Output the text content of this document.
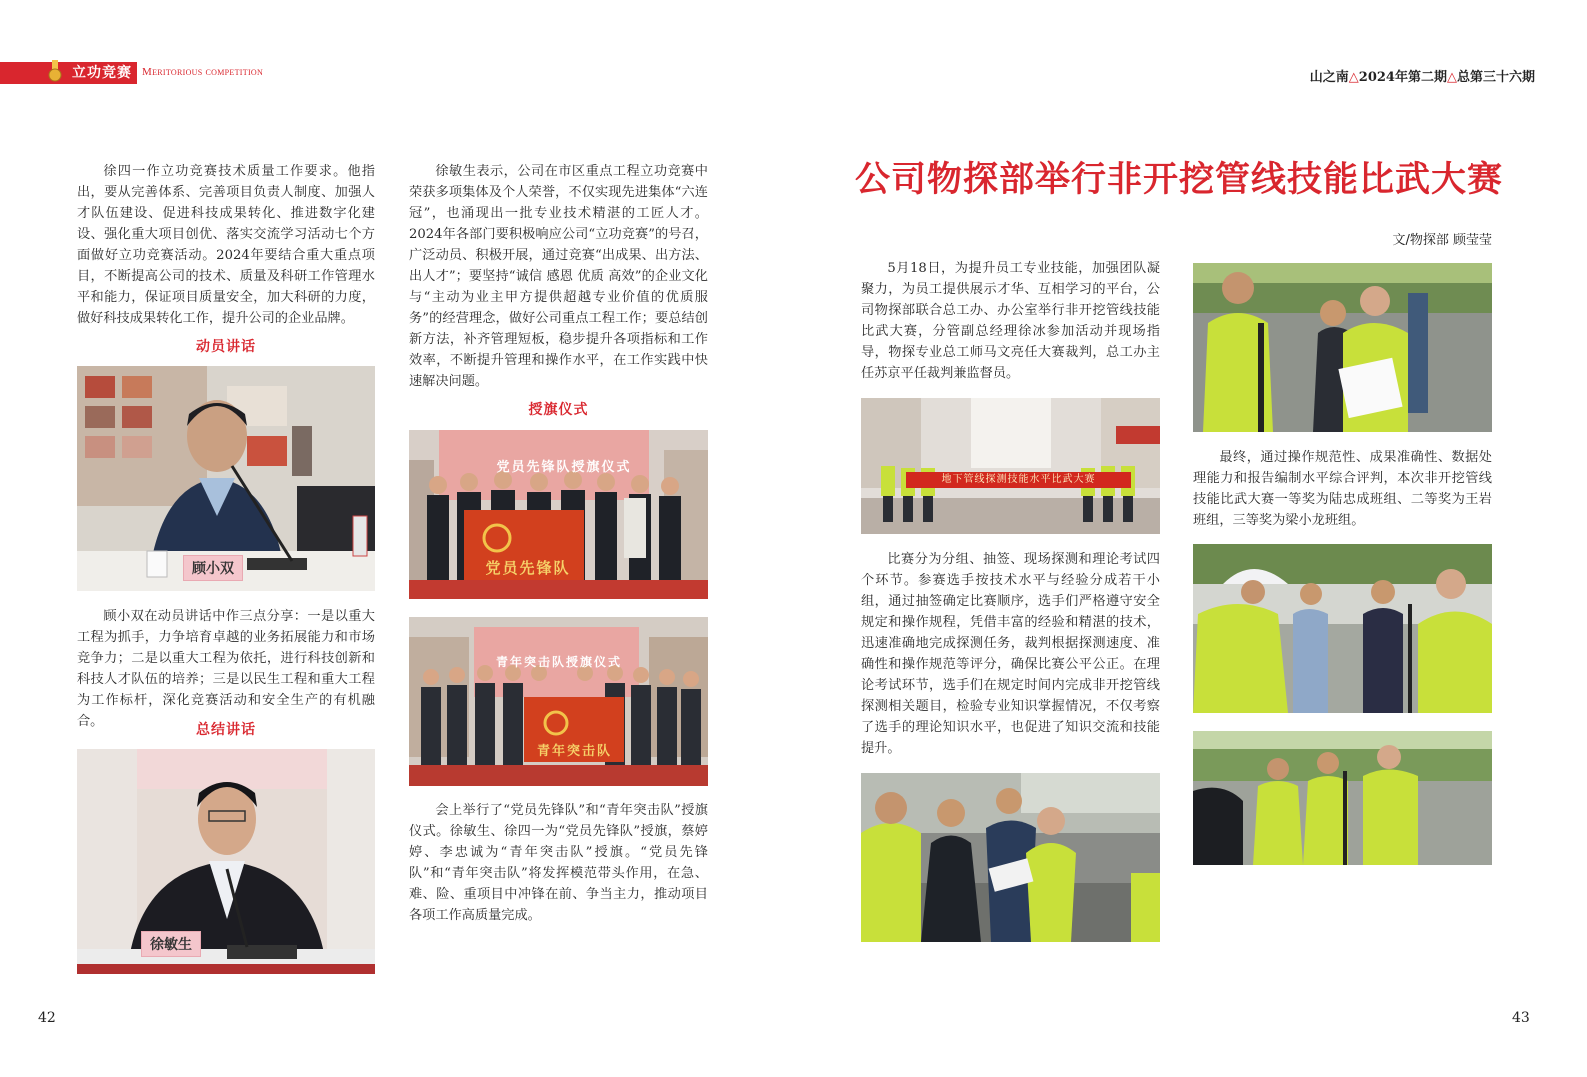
立功竞赛 Meritorious competition	山之南△2024年第二期△总第三十六期

徐四一作立功竞赛技术质量工作要求。他指出，要从完善体系、完善项目负责人制度、加强人才队伍建设、促进科技成果转化、推进数字化建设、强化重大项目创优、落实交流学习活动七个方面做好立功竞赛活动。2024年要结合重大重点项目，不断提高公司的技术、质量及科研工作管理水平和能力，保证项目质量安全，加大科研的力度，做好科技成果转化工作，提升公司的企业品牌。

动员讲话
顾小双

顾小双在动员讲话中作三点分享：一是以重大工程为抓手，力争培育卓越的业务拓展能力和市场竞争力；二是以重大工程为依托，进行科技创新和科技人才队伍的培养；三是以民生工程和重大工程为工作标杆，深化竞赛活动和安全生产的有机融合。

总结讲话
徐敏生

徐敏生表示，公司在市区重点工程立功竞赛中荣获多项集体及个人荣誉，不仅实现先进集体“六连冠”，也涌现出一批专业技术精湛的工匠人才。2024年各部门要积极响应公司“立功竞赛”的号召，广泛动员、积极开展，通过竞赛“出成果、出方法、出人才”；要坚持“诚信 感恩 优质 高效”的企业文化与“主动为业主甲方提供超越专业价值的优质服务”的经营理念，做好公司重点工程工作；要总结创新方法，补齐管理短板，稳步提升各项指标和工作效率，不断提升管理和操作水平，在工作实践中快速解决问题。

授旗仪式
党员先锋队授旗仪式
党员先锋队
青年突击队授旗仪式
青年突击队

会上举行了“党员先锋队”和“青年突击队”授旗仪式。徐敏生、徐四一为“党员先锋队”授旗，蔡婷婷、李忠诚为“青年突击队”授旗。“党员先锋队”和“青年突击队”将发挥模范带头作用，在急、难、险、重项目中冲锋在前、争当主力，推动项目各项工作高质量完成。

42
公司物探部举行非开挖管线技能比武大赛
文/物探部 顾莹莹

5月18日，为提升员工专业技能，加强团队凝聚力，为员工提供展示才华、互相学习的平台，公司物探部联合总工办、办公室举行非开挖管线技能比武大赛，分管副总经理徐冰参加活动并现场指导，物探专业总工师马文亮任大赛裁判，总工办主任苏京平任裁判兼监督员。

地下管线探测技能水平比武大赛

比赛分为分组、抽签、现场探测和理论考试四个环节。参赛选手按技术水平与经验分成若干小组，通过抽签确定比赛顺序，选手们严格遵守安全规定和操作规程，凭借丰富的经验和精湛的技术，迅速准确地完成探测任务，裁判根据探测速度、准确性和操作规范等评分，确保比赛公平公正。在理论考试环节，选手们在规定时间内完成非开挖管线探测相关题目，检验专业知识掌握情况，不仅考察了选手的理论知识水平，也促进了知识交流和技能提升。

最终，通过操作规范性、成果准确性、数据处理能力和报告编制水平综合评判，本次非开挖管线技能比武大赛一等奖为陆忠成班组、二等奖为王岩班组，三等奖为梁小龙班组。

43
